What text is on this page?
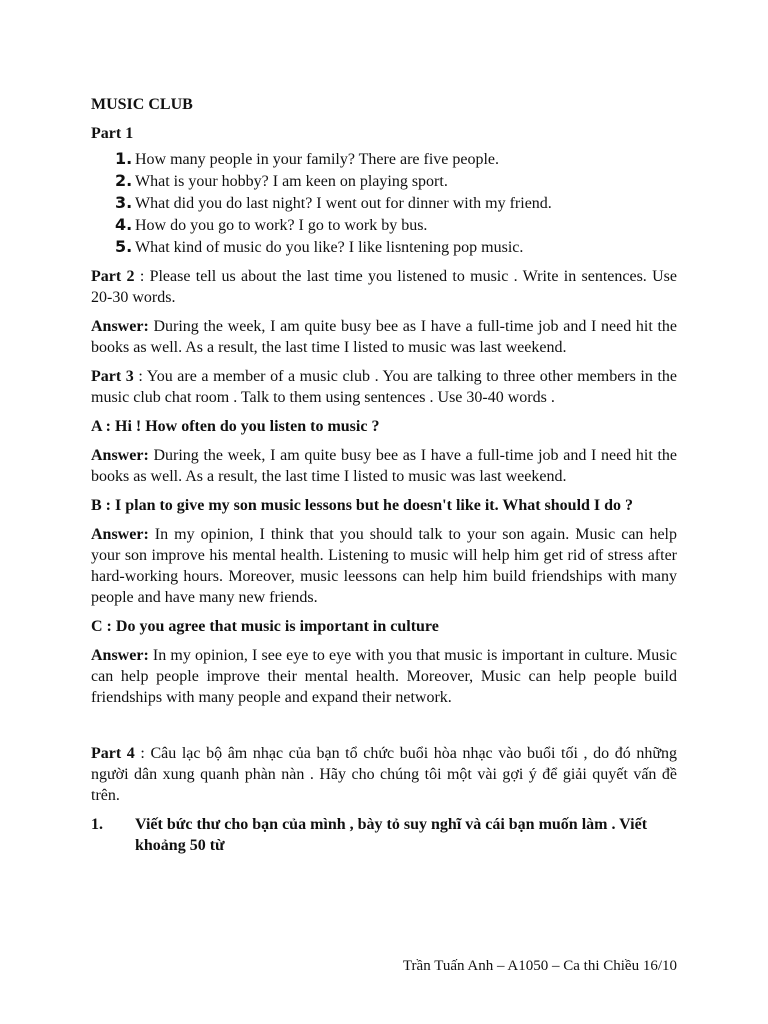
MUSIC CLUB
Part 1
1. How many people in your family? There are five people.
2. What is your hobby? I am keen on playing sport.
3. What did you do last night? I went out for dinner with my friend.
4. How do you go to work? I go to work by bus.
5. What kind of music do you like? I like lisntening pop music.

Part 2 : Please tell us about the last time you listened to music . Write in sentences. Use 20-30 words.

Answer: During the week, I am quite busy bee as I have a full-time job and I need hit the books as well. As a result, the last time I listed to music was last weekend.

Part 3 : You are a member of a music club . You are talking to three other members in the music club chat room . Talk to them using sentences . Use 30-40 words .

A : Hi ! How often do you listen to music ?

Answer: During the week, I am quite busy bee as I have a full-time job and I need hit the books as well. As a result, the last time I listed to music was last weekend.

B : I plan to give my son music lessons but he doesn't like it. What should I do ?

Answer: In my opinion, I think that you should talk to your son again. Music can help your son improve his mental health. Listening to music will help him get rid of stress after hard-working hours. Moreover, music leessons can help him build friendships with many people and have many new friends.

C : Do you agree that music is important in culture

Answer: In my opinion, I see eye to eye with you that music is important in culture. Music can help people improve their mental health. Moreover, Music can help people build friendships with many people and expand their network.

Part 4 : Câu lạc bộ âm nhạc của bạn tổ chức buổi hòa nhạc vào buổi tối , do đó những người dân xung quanh phàn nàn . Hãy cho chúng tôi một vài gợi ý để giải quyết vấn đề trên.

1.	Viết bức thư cho bạn của mình , bày tỏ suy nghĩ và cái bạn muốn làm . Viết khoảng 50 từ
Trần Tuấn Anh – A1050 – Ca thi Chiều 16/10
